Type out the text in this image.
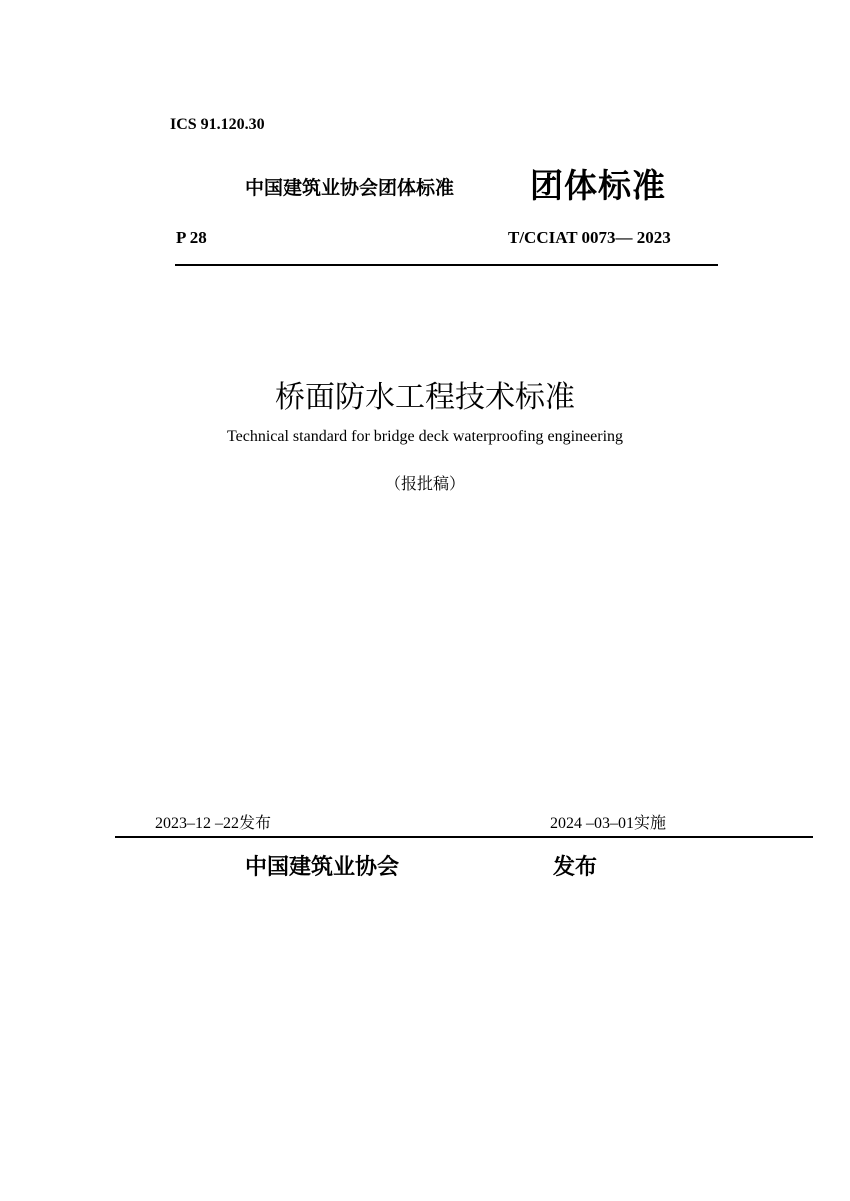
ICS 91.120.30
中国建筑业协会团体标准 团体标准
P 28	T/CCIAT 0073— 2023
桥面防水工程技术标准
Technical standard for bridge deck waterproofing engineering
（报批稿）
2023–12 –22发布	2024 –03–01实施
中国建筑业协会	发布
